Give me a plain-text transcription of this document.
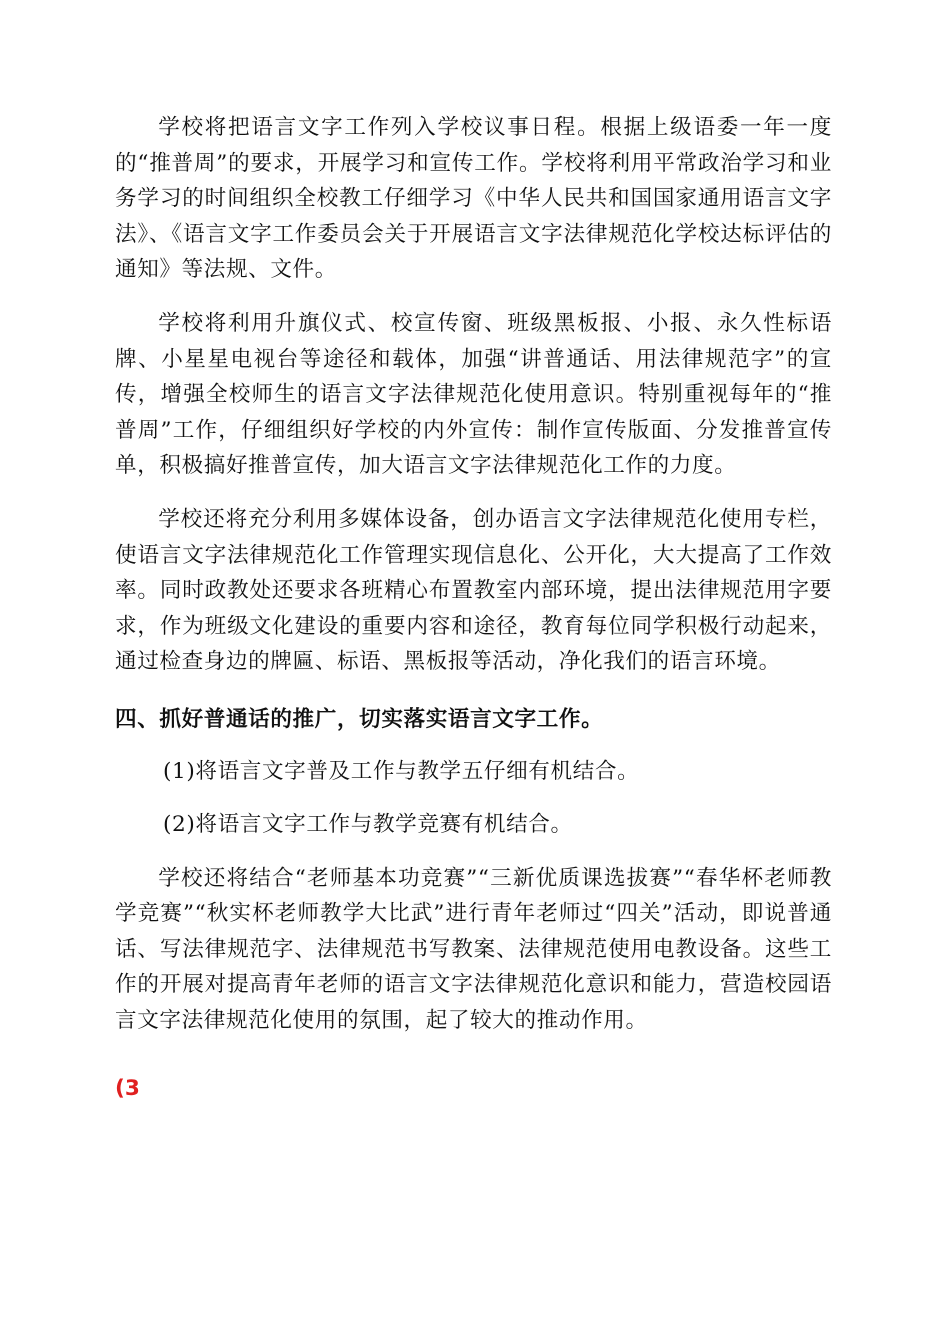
学校将把语言文字工作列入学校议事日程。根据上级语委一年一度的“推普周”的要求，开展学习和宣传工作。学校将利用平常政治学习和业务学习的时间组织全校教工仔细学习《中华人民共和国国家通用语言文字法》、《语言文字工作委员会关于开展语言文字法律规范化学校达标评估的通知》等法规、文件。

学校将利用升旗仪式、校宣传窗、班级黑板报、小报、永久性标语牌、小星星电视台等途径和载体，加强“讲普通话、用法律规范字”的宣传，增强全校师生的语言文字法律规范化使用意识。特别重视每年的“推普周”工作，仔细组织好学校的内外宣传：制作宣传版面、分发推普宣传单，积极搞好推普宣传，加大语言文字法律规范化工作的力度。

学校还将充分利用多媒体设备，创办语言文字法律规范化使用专栏，使语言文字法律规范化工作管理实现信息化、公开化，大大提高了工作效率。同时政教处还要求各班精心布置教室内部环境，提出法律规范用字要求，作为班级文化建设的重要内容和途径，教育每位同学积极行动起来，通过检查身边的牌匾、标语、黑板报等活动，净化我们的语言环境。

四、抓好普通话的推广，切实落实语言文字工作。

(1)将语言文字普及工作与教学五仔细有机结合。

(2)将语言文字工作与教学竞赛有机结合。

学校还将结合“老师基本功竞赛”“三新优质课选拔赛”“春华杯老师教学竞赛”“秋实杯老师教学大比武”进行青年老师过“四关”活动，即说普通话、写法律规范字、法律规范书写教案、法律规范使用电教设备。这些工作的开展对提高青年老师的语言文字法律规范化意识和能力，营造校园语言文字法律规范化使用的氛围，起了较大的推动作用。

(3
